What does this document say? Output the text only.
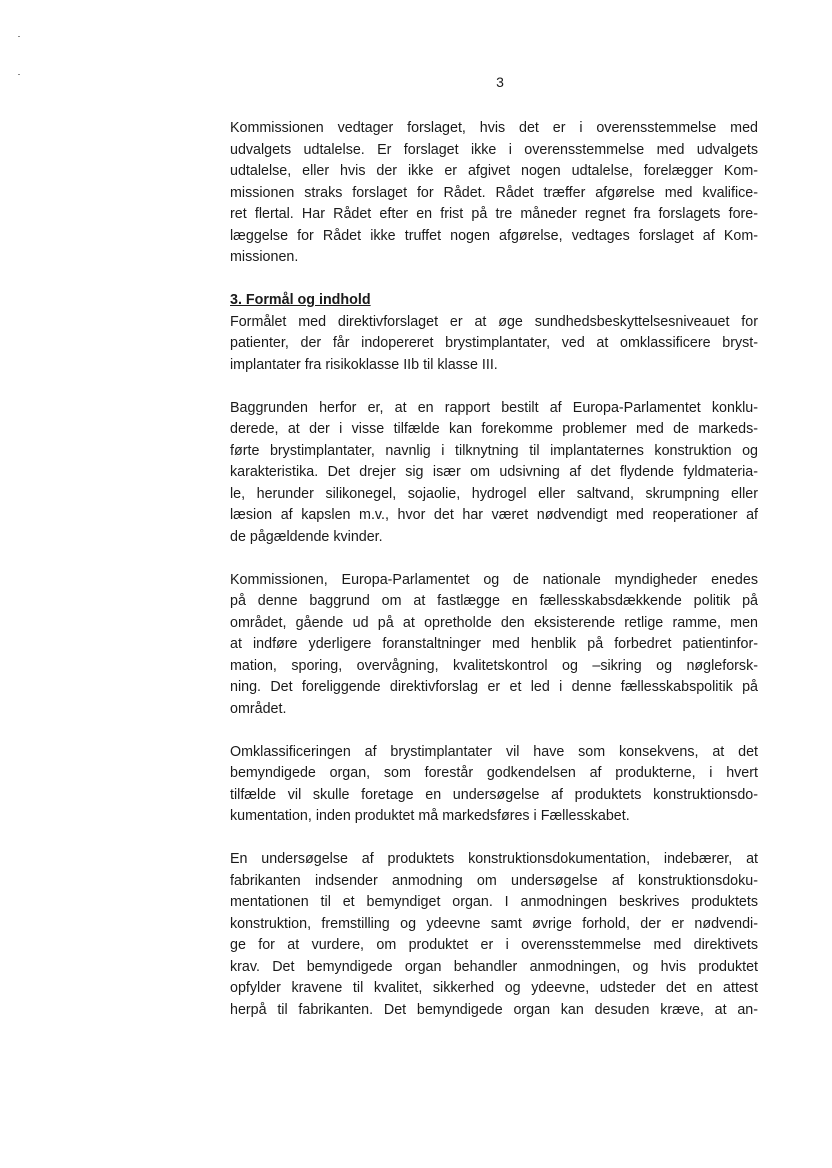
3
Kommissionen vedtager forslaget, hvis det er i overensstemmelse med
udvalgets udtalelse. Er forslaget ikke i overensstemmelse med udvalgets
udtalelse, eller hvis der ikke er afgivet nogen udtalelse, forelægger Kom-
missionen straks forslaget for Rådet. Rådet træffer afgørelse med kvalifice-
ret flertal. Har Rådet efter en frist på tre måneder regnet fra forslagets fore-
læggelse for Rådet ikke truffet nogen afgørelse, vedtages forslaget af Kom-
missionen.
3. Formål og indhold
Formålet med direktivforslaget er at øge sundhedsbeskyttelsesniveauet for
patienter, der får indopereret brystimplantater, ved at omklassificere bryst-
implantater fra risikoklasse IIb til klasse III.
Baggrunden herfor er, at en rapport bestilt af Europa-Parlamentet konklu-
derede, at der i visse tilfælde kan forekomme problemer med de markeds-
førte brystimplantater, navnlig i tilknytning til implantaternes konstruktion og
karakteristika. Det drejer sig især om udsivning af det flydende fyldmateria-
le, herunder silikonegel, sojaolie, hydrogel eller saltvand, skrumpning eller
læsion af kapslen m.v., hvor det har været nødvendigt med reoperationer af
de pågældende kvinder.
Kommissionen, Europa-Parlamentet og de nationale myndigheder enedes
på denne baggrund om at fastlægge en fællesskabsdækkende politik på
området, gående ud på at opretholde den eksisterende retlige ramme, men
at indføre yderligere foranstaltninger med henblik på forbedret patientinfor-
mation, sporing, overvågning, kvalitetskontrol og –sikring og nøgleforsk-
ning. Det foreliggende direktivforslag er et led i denne fællesskabspolitik på
området.
Omklassificeringen af brystimplantater vil have som konsekvens, at det
bemyndigede organ, som forestår godkendelsen af produkterne, i hvert
tilfælde vil skulle foretage en undersøgelse af produktets konstruktionsdo-
kumentation, inden produktet må markedsføres i Fællesskabet.
En undersøgelse af produktets konstruktionsdokumentation, indebærer, at
fabrikanten indsender anmodning om undersøgelse af konstruktionsdoku-
mentationen til et bemyndiget organ. I anmodningen beskrives produktets
konstruktion, fremstilling og ydeevne samt øvrige forhold, der er nødvendi-
ge for at vurdere, om produktet er i overensstemmelse med direktivets
krav. Det bemyndigede organ behandler anmodningen, og hvis produktet
opfylder kravene til kvalitet, sikkerhed og ydeevne, udsteder det en attest
herpå til fabrikanten. Det bemyndigede organ kan desuden kræve, at an-
